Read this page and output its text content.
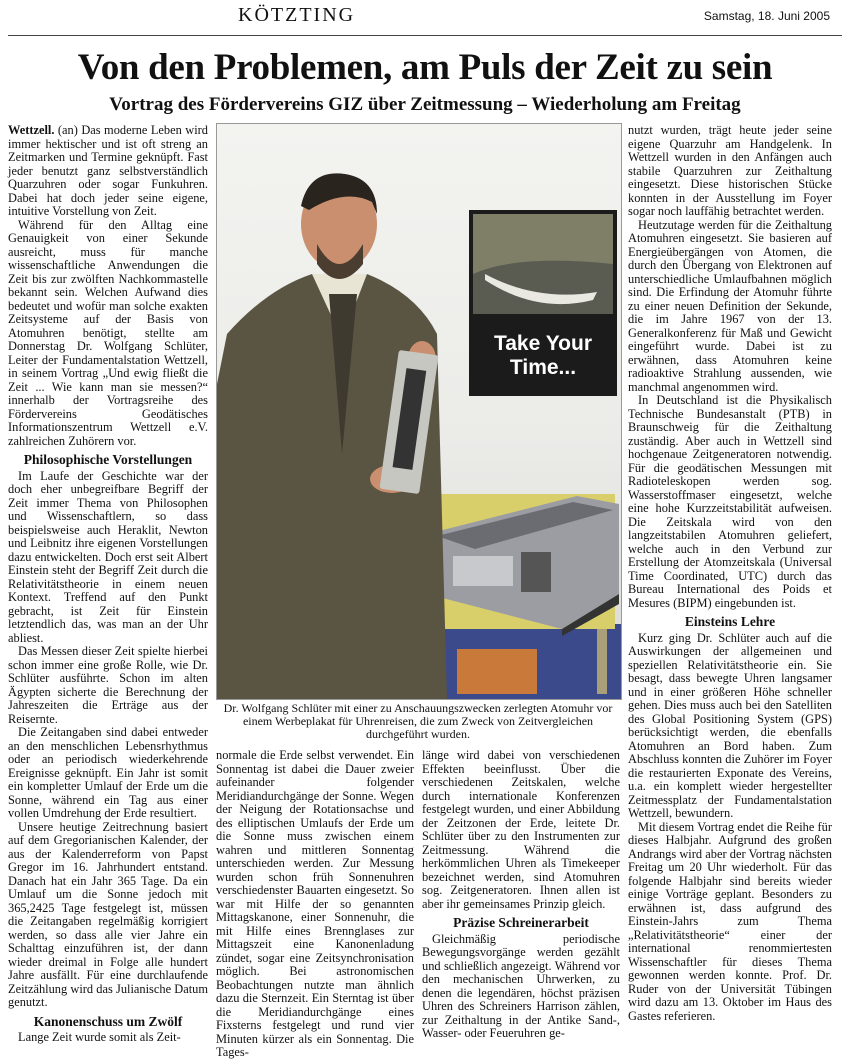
KÖTZTING	Samstag, 18. Juni 2005
Von den Problemen, am Puls der Zeit zu sein
Vortrag des Fördervereins GIZ über Zeitmessung – Wiederholung am Freitag

Wettzell. (an) Das moderne Leben wird immer hektischer und ist oft streng an Zeitmarken und Termine geknüpft. Fast jeder benutzt ganz selbstverständlich Quarzuhren oder sogar Funkuhren. Dabei hat doch jeder seine eigene, intuitive Vorstellung von Zeit.

Während für den Alltag eine Genauigkeit von einer Sekunde ausreicht, muss für manche wissenschaftliche Anwendungen die Zeit bis zur zwölften Nachkommastelle bekannt sein. Welchen Aufwand dies bedeutet und wofür man solche exakten Zeitsysteme auf der Basis von Atomuhren benötigt, stellte am Donnerstag Dr. Wolfgang Schlüter, Leiter der Fundamentalstation Wettzell, in seinem Vortrag „Und ewig fließt die Zeit ... Wie kann man sie messen?“ innerhalb der Vortragsreihe des Fördervereins Geodätisches Informationszentrum Wettzell e.V. zahlreichen Zuhörern vor.

Philosophische Vorstellungen

Im Laufe der Geschichte war der doch eher unbegreifbare Begriff der Zeit immer Thema von Philosophen und Wissenschaftlern, so dass beispielsweise auch Heraklit, Newton und Leibnitz ihre eigenen Vorstellungen dazu entwickelten. Doch erst seit Albert Einstein steht der Begriff Zeit durch die Relativitätstheorie in einem neuen Kontext. Treffend auf den Punkt gebracht, ist Zeit für Einstein letztendlich das, was man an der Uhr abliest.

Das Messen dieser Zeit spielte hierbei schon immer eine große Rolle, wie Dr. Schlüter ausführte. Schon im alten Ägypten sicherte die Berechnung der Jahreszeiten die Erträge aus der Reisernte.

Die Zeitangaben sind dabei entweder an den menschlichen Lebensrhythmus oder an periodisch wiederkehrende Ereignisse geknüpft. Ein Jahr ist somit ein kompletter Umlauf der Erde um die Sonne, während ein Tag aus einer vollen Umdrehung der Erde resultiert.

Unsere heutige Zeitrechnung basiert auf dem Gregorianischen Kalender, der aus der Kalenderreform von Papst Gregor im 16. Jahrhundert entstand. Danach hat ein Jahr 365 Tage. Da ein Umlauf um die Sonne jedoch mit 365,2425 Tage festgelegt ist, müssen die Zeitangaben regelmäßig korrigiert werden, so dass alle vier Jahre ein Schalttag einzuführen ist, der dann wieder dreimal in Folge alle hundert Jahre ausfällt. Für eine durchlaufende Zeitzählung wird das Julianische Datum genutzt.

Kanonenschuss um Zwölf

Lange Zeit wurde somit als Zeit-

Take Your
Time...
Dr. Wolfgang Schlüter mit einer zu Anschauungszwecken zerlegten Atomuhr vor einem Werbeplakat für Uhrenreisen, die zum Zweck von Zeitvergleichen durchgeführt wurden.

normale die Erde selbst verwendet. Ein Sonnentag ist dabei die Dauer zweier aufeinander folgender Meridiandurchgänge der Sonne. Wegen der Neigung der Rotationsachse und des elliptischen Umlaufs der Erde um die Sonne muss zwischen einem wahren und mittleren Sonnentag unterschieden werden. Zur Messung wurden schon früh Sonnenuhren verschiedenster Bauarten eingesetzt. So war mit Hilfe der so genannten Mittagskanone, einer Sonnenuhr, die mit Hilfe eines Brennglases zur Mittagszeit eine Kanonenladung zündet, sogar eine Zeitsynchronisation möglich. Bei astronomischen Beobachtungen nutzte man ähnlich dazu die Sternzeit. Ein Sterntag ist über die Meridiandurchgänge eines Fixsterns festgelegt und rund vier Minuten kürzer als ein Sonnentag. Die Tages-

länge wird dabei von verschiedenen Effekten beeinflusst. Über die verschiedenen Zeitskalen, welche durch internationale Konferenzen festgelegt wurden, und einer Abbildung der Zeitzonen der Erde, leitete Dr. Schlüter über zu den Instrumenten zur Zeitmessung. Während die herkömmlichen Uhren als Timekeeper bezeichnet werden, sind Atomuhren sog. Zeitgeneratoren. Ihnen allen ist aber ihr gemeinsames Prinzip gleich.

Präzise Schreinerarbeit

Gleichmäßig periodische Bewegungsvorgänge werden gezählt und schließlich angezeigt. Während vor den mechanischen Uhrwerken, zu denen die legendären, höchst präzisen Uhren des Schreiners Harrison zählen, zur Zeithaltung in der Antike Sand-, Wasser- oder Feueruhren ge-

nutzt wurden, trägt heute jeder seine eigene Quarzuhr am Handgelenk. In Wettzell wurden in den Anfängen auch stabile Quarzuhren zur Zeithaltung eingesetzt. Diese historischen Stücke konnten in der Ausstellung im Foyer sogar noch lauffähig betrachtet werden.

Heutzutage werden für die Zeithaltung Atomuhren eingesetzt. Sie basieren auf Energieübergängen von Atomen, die durch den Übergang von Elektronen auf unterschiedliche Umlaufbahnen möglich sind. Die Erfindung der Atomuhr führte zu einer neuen Definition der Sekunde, die im Jahre 1967 von der 13. Generalkonferenz für Maß und Gewicht eingeführt wurde. Dabei ist zu erwähnen, dass Atomuhren keine radioaktive Strahlung aussenden, wie manchmal angenommen wird.

In Deutschland ist die Physikalisch Technische Bundesanstalt (PTB) in Braunschweig für die Zeithaltung zuständig. Aber auch in Wettzell sind hochgenaue Zeitgeneratoren notwendig. Für die geodätischen Messungen mit Radioteleskopen werden sog. Wasserstoffmaser eingesetzt, welche eine hohe Kurzzeitstabilität aufweisen. Die Zeitskala wird von den langzeitstabilen Atomuhren geliefert, welche auch in den Verbund zur Erstellung der Atomzeitskala (Universal Time Coordinated, UTC) durch das Bureau International des Poids et Mesures (BIPM) eingebunden ist.

Einsteins Lehre

Kurz ging Dr. Schlüter auch auf die Auswirkungen der allgemeinen und speziellen Relativitätstheorie ein. Sie besagt, dass bewegte Uhren langsamer und in einer größeren Höhe schneller gehen. Dies muss auch bei den Satelliten des Global Positioning System (GPS) berücksichtigt werden, die ebenfalls Atomuhren an Bord haben. Zum Abschluss konnten die Zuhörer im Foyer die restaurierten Exponate des Vereins, u.a. ein komplett wieder hergestellter Zeitmessplatz der Fundamentalstation Wettzell, bewundern.

Mit diesem Vortrag endet die Reihe für dieses Halbjahr. Aufgrund des großen Andrangs wird aber der Vortrag nächsten Freitag um 20 Uhr wiederholt. Für das folgende Halbjahr sind bereits wieder einige Vorträge geplant. Besonders zu erwähnen ist, dass aufgrund des Einstein-Jahrs zum Thema „Relativitätstheorie“ einer der international renommiertesten Wissenschaftler für dieses Thema gewonnen werden konnte. Prof. Dr. Ruder von der Universität Tübingen wird dazu am 13. Oktober im Haus des Gastes referieren.
